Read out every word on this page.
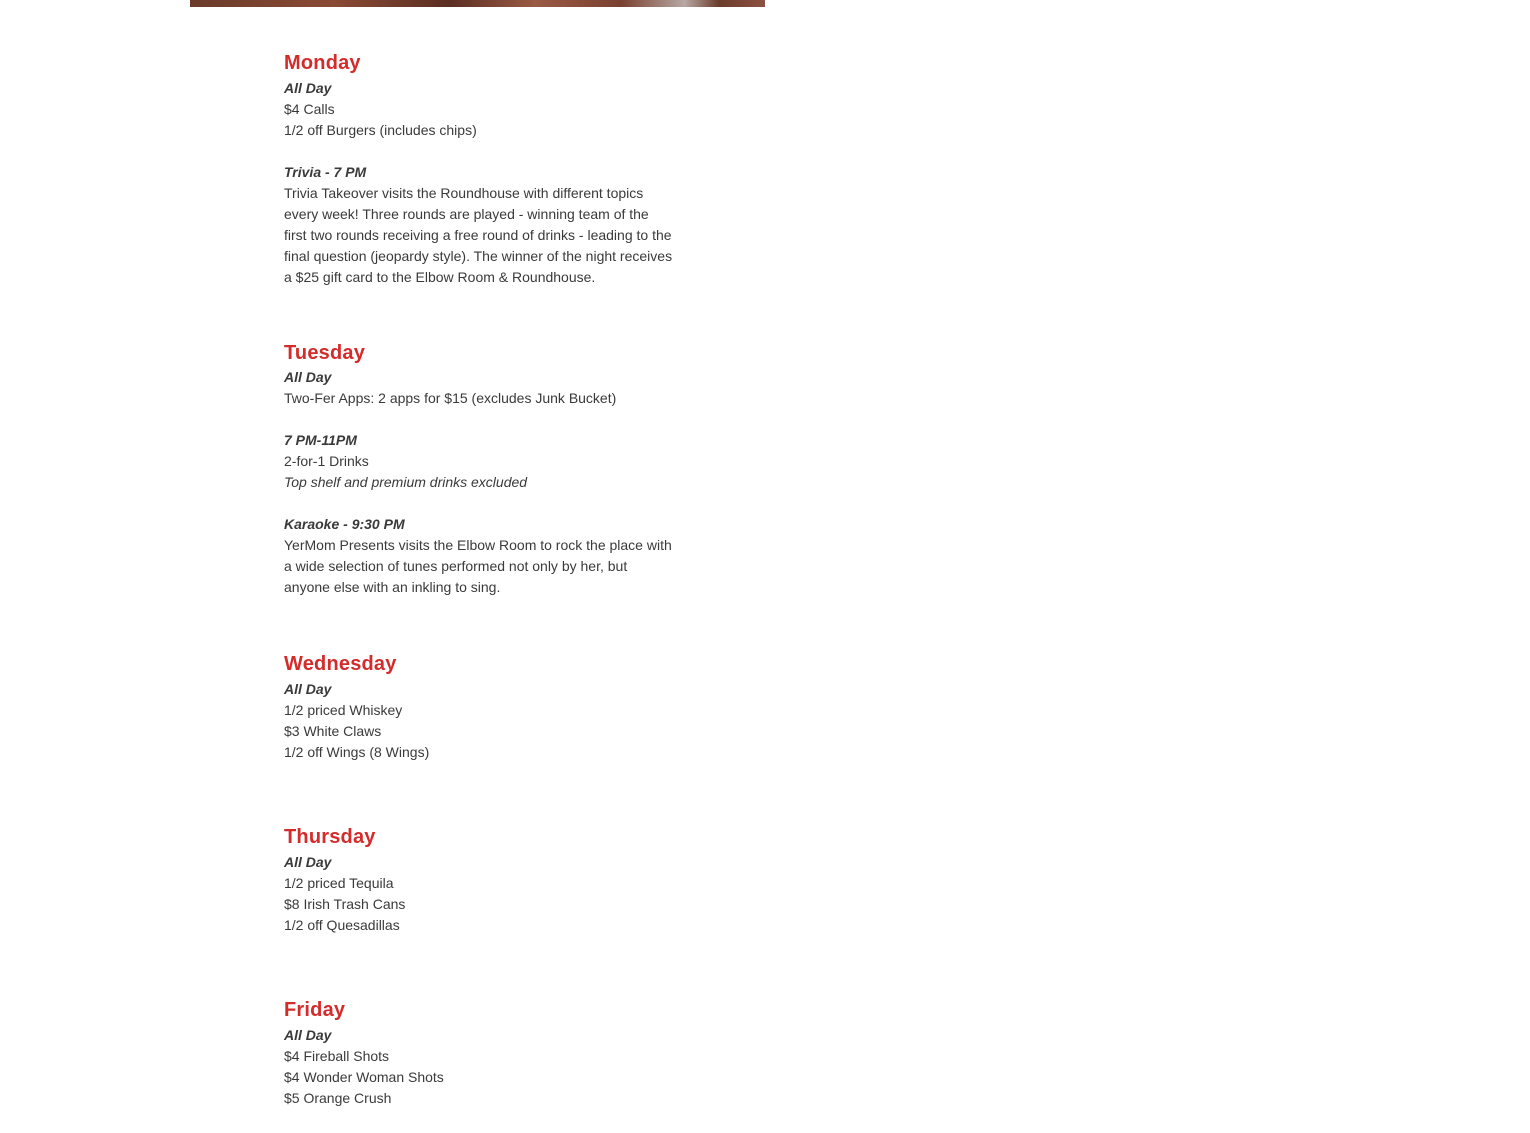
Monday
All Day
$4 Calls
1/2 off Burgers (includes chips)
Trivia - 7 PM
Trivia Takeover visits the Roundhouse with different topics every week! Three rounds are played - winning team of the first two rounds receiving a free round of drinks - leading to the final question (jeopardy style). The winner of the night receives a $25 gift card to the Elbow Room & Roundhouse.
Tuesday
All Day
Two-Fer Apps: 2 apps for $15 (excludes Junk Bucket)
7 PM-11PM
2-for-1 Drinks
Top shelf and premium drinks excluded
Karaoke - 9:30 PM
YerMom Presents visits the Elbow Room to rock the place with a wide selection of tunes performed not only by her, but anyone else with an inkling to sing.
Wednesday
All Day
1/2 priced Whiskey
$3 White Claws
1/2 off Wings (8 Wings)
Thursday
All Day
1/2 priced Tequila
$8 Irish Trash Cans
1/2 off Quesadillas
Friday
All Day
$4 Fireball Shots
$4 Wonder Woman Shots
$5 Orange Crush
